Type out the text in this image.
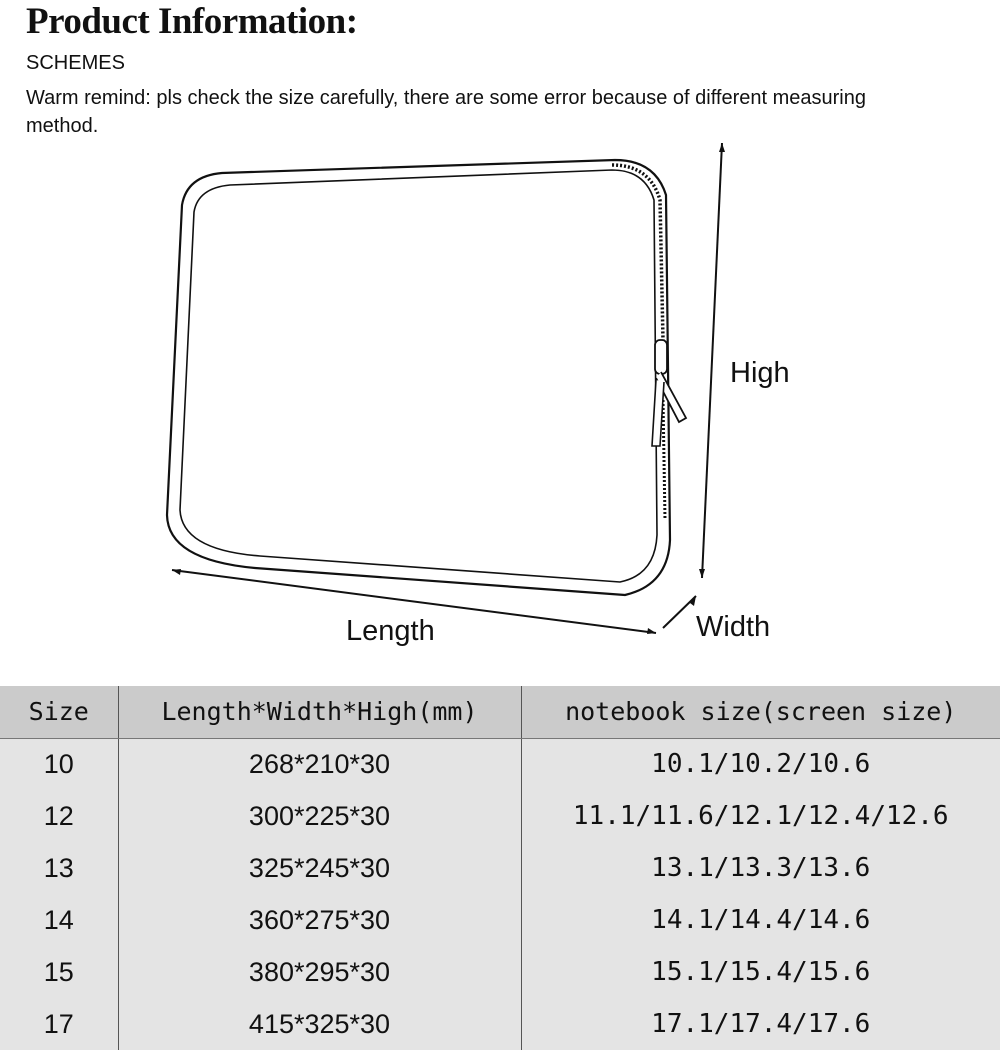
Product Information:
SCHEMES
Warm remind: pls check the size carefully, there are some error because of different measuring method.
High
Length	Width
Size	Length*Width*High(mm)	notebook size(screen size)
10	268*210*30	10.1/10.2/10.6
12	300*225*30	11.1/11.6/12.1/12.4/12.6
13	325*245*30	13.1/13.3/13.6
14	360*275*30	14.1/14.4/14.6
15	380*295*30	15.1/15.4/15.6
17	415*325*30	17.1/17.4/17.6
